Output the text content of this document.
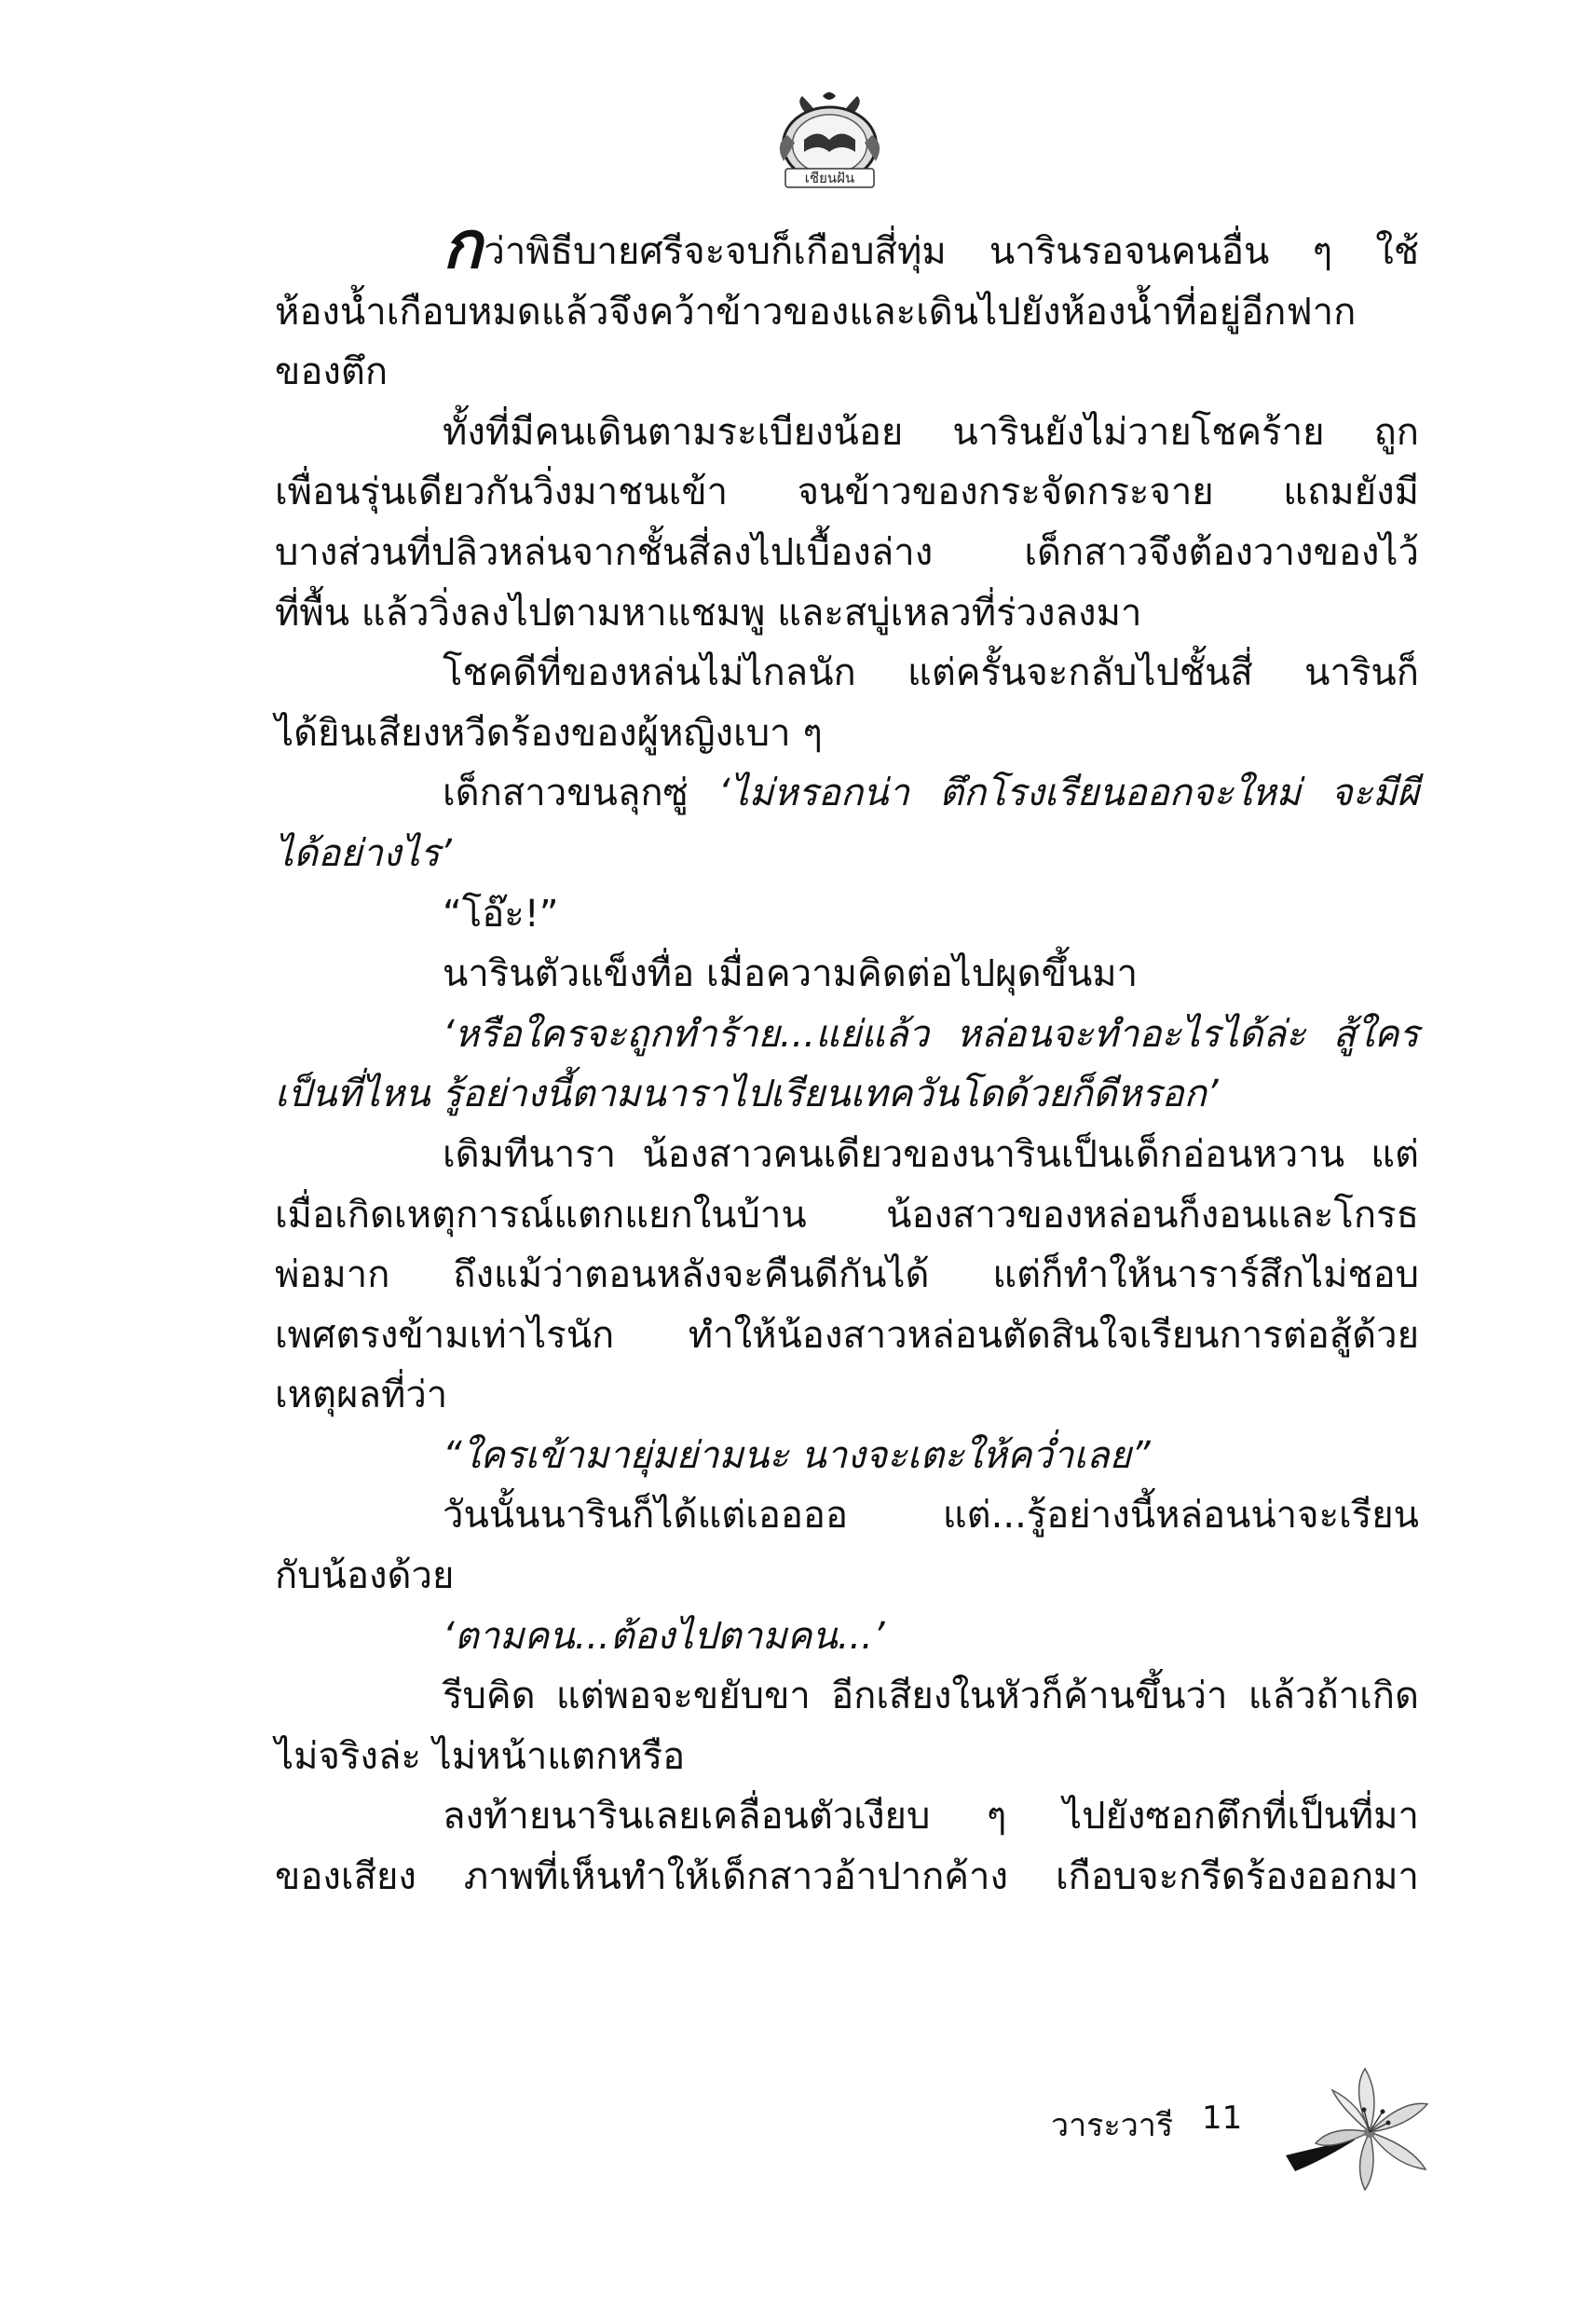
เชียนฝัน

กว่าพิธีบายศรีจะจบก็เกือบสี่ทุ่ม นารินรอจนคนอื่น ๆ ใช้

ห้องน้ำเกือบหมดแล้วจึงคว้าข้าวของและเดินไปยังห้องน้ำที่อยู่อีกฟาก

ของตึก

ทั้งที่มีคนเดินตามระเบียงน้อย นารินยังไม่วายโชคร้าย ถูก

เพื่อนรุ่นเดียวกันวิ่งมาชนเข้า จนข้าวของกระจัดกระจาย แถมยังมี

บางส่วนที่ปลิวหล่นจากชั้นสี่ลงไปเบื้องล่าง เด็กสาวจึงต้องวางของไว้

ที่พื้น แล้ววิ่งลงไปตามหาแชมพู และสบู่เหลวที่ร่วงลงมา

โชคดีที่ของหล่นไม่ไกลนัก แต่ครั้นจะกลับไปชั้นสี่ นารินก็

ได้ยินเสียงหวีดร้องของผู้หญิงเบา ๆ

เด็กสาวขนลุกซู่ ‘ไม่หรอกน่า ตึกโรงเรียนออกจะใหม่ จะมีผี

ได้อย่างไร’

“โอ๊ะ!”

นารินตัวแข็งทื่อ เมื่อความคิดต่อไปผุดขึ้นมา

‘หรือใครจะถูกทำร้าย...แย่แล้ว หล่อนจะทำอะไรได้ล่ะ สู้ใคร

เป็นที่ไหน รู้อย่างนี้ตามนาราไปเรียนเทควันโดด้วยก็ดีหรอก’

เดิมทีนารา น้องสาวคนเดียวของนารินเป็นเด็กอ่อนหวาน แต่

เมื่อเกิดเหตุการณ์แตกแยกในบ้าน น้องสาวของหล่อนก็งอนและโกรธ

พ่อมาก ถึงแม้ว่าตอนหลังจะคืนดีกันได้ แต่ก็ทำให้นาราร์สึกไม่ชอบ

เพศตรงข้ามเท่าไรนัก ทำให้น้องสาวหล่อนตัดสินใจเรียนการต่อสู้ด้วย

เหตุผลที่ว่า

“ใครเข้ามายุ่มย่ามนะ นางจะเตะให้คว่ำเลย”

วันนั้นนารินก็ได้แต่เออออ แต่...รู้อย่างนี้หล่อนน่าจะเรียน

กับน้องด้วย

‘ตามคน...ต้องไปตามคน...’

รีบคิด แต่พอจะขยับขา อีกเสียงในหัวก็ค้านขึ้นว่า แล้วถ้าเกิด

ไม่จริงล่ะ ไม่หน้าแตกหรือ

ลงท้ายนารินเลยเคลื่อนตัวเงียบ ๆ ไปยังซอกตึกที่เป็นที่มา

ของเสียง ภาพที่เห็นทำให้เด็กสาวอ้าปากค้าง เกือบจะกรีดร้องออกมา

วาระวารี 11
